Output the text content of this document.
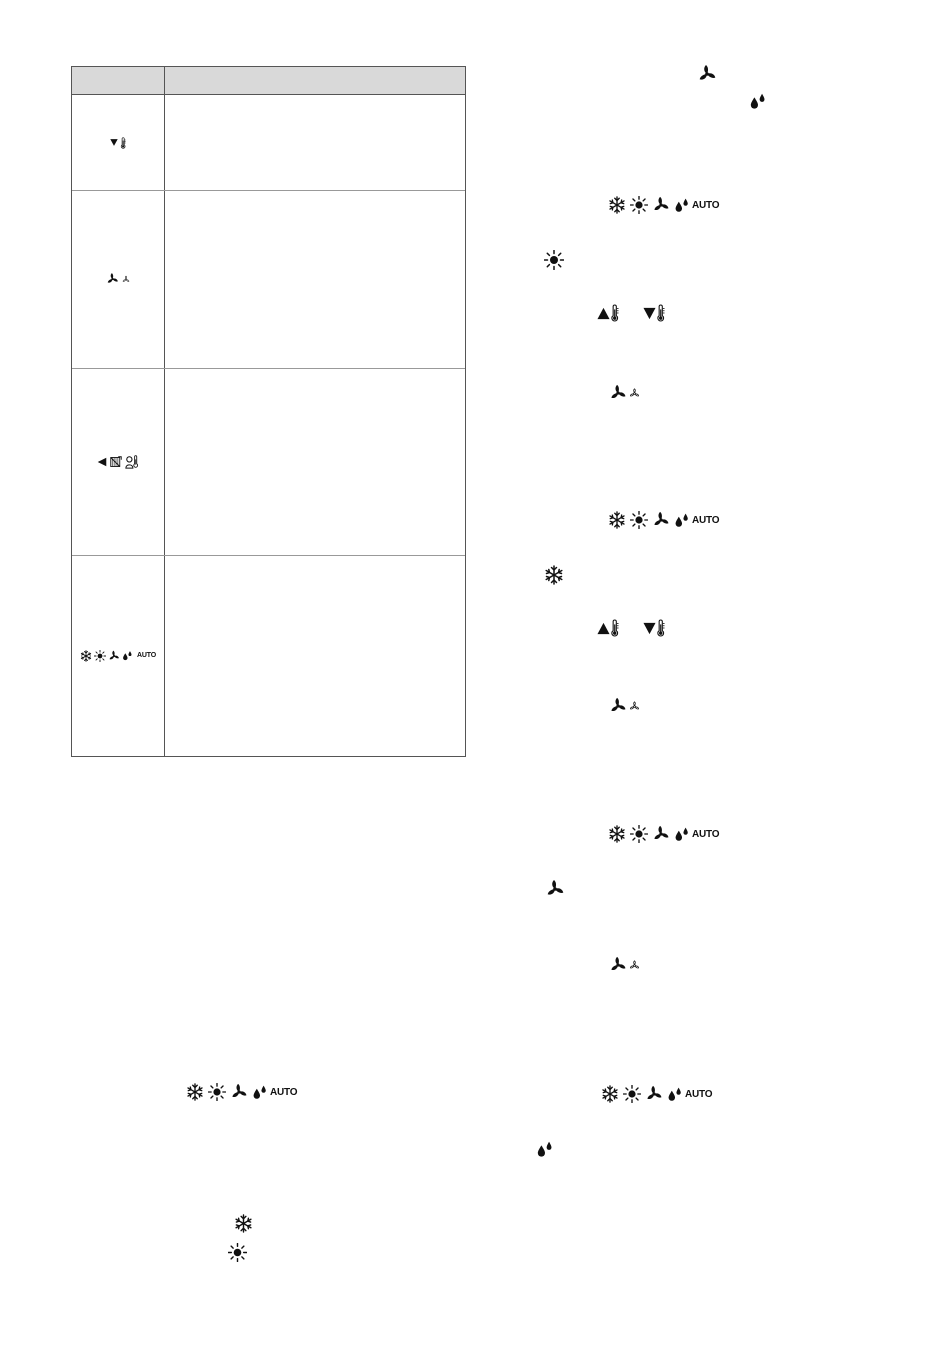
AUTO
AUTO
AUTO
AUTO
AUTO
AUTO
